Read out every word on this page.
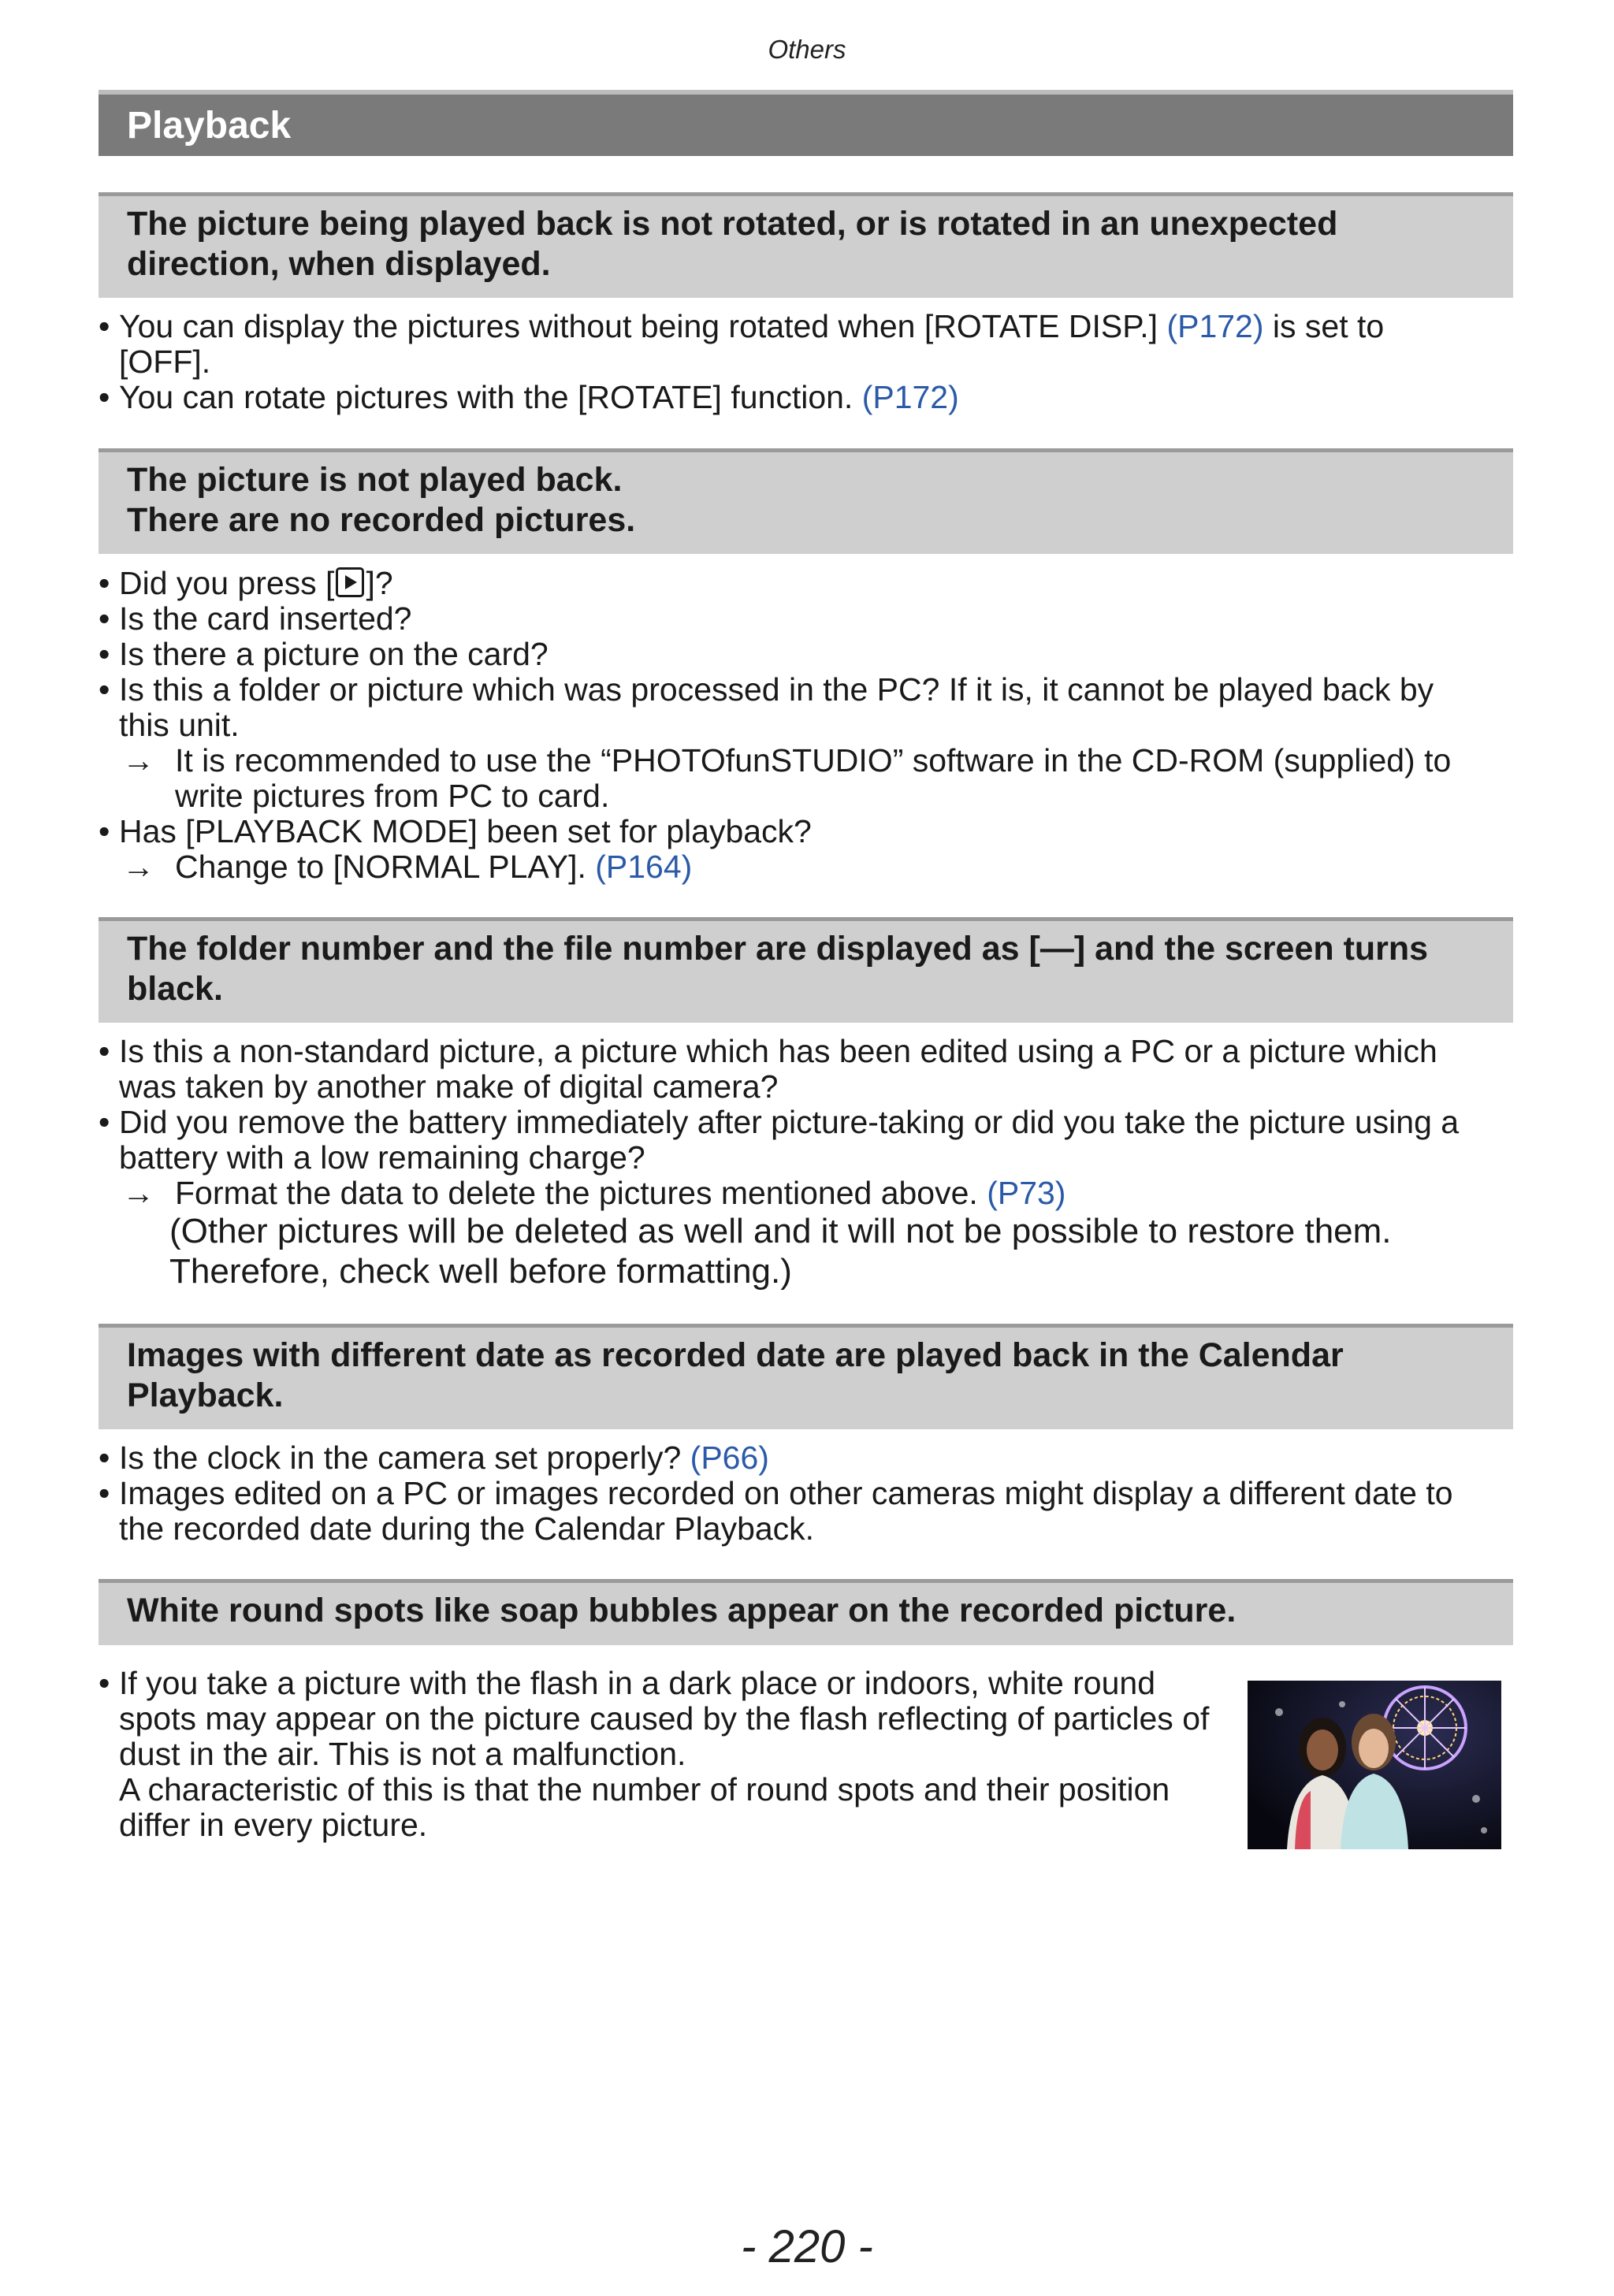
Others
Playback
The picture being played back is not rotated, or is rotated in an unexpected
direction, when displayed.
• You can display the pictures without being rotated when [ROTATE DISP.] (P172) is set to
[OFF].
• You can rotate pictures with the [ROTATE] function. (P172)
The picture is not played back.
There are no recorded pictures.
• Did you press [ ]?
• Is the card inserted?
• Is there a picture on the card?
• Is this a folder or picture which was processed in the PC? If it is, it cannot be played back by
this unit.
→ It is recommended to use the “PHOTOfunSTUDIO” software in the CD-ROM (supplied) to
write pictures from PC to card.
• Has [PLAYBACK MODE] been set for playback?
→ Change to [NORMAL PLAY]. (P164)
The folder number and the file number are displayed as [—] and the screen turns
black.
• Is this a non-standard picture, a picture which has been edited using a PC or a picture which
was taken by another make of digital camera?
• Did you remove the battery immediately after picture-taking or did you take the picture using a
battery with a low remaining charge?
→ Format the data to delete the pictures mentioned above. (P73)
(Other pictures will be deleted as well and it will not be possible to restore them.
Therefore, check well before formatting.)
Images with different date as recorded date are played back in the Calendar
Playback.
• Is the clock in the camera set properly? (P66)
• Images edited on a PC or images recorded on other cameras might display a different date to
the recorded date during the Calendar Playback.
White round spots like soap bubbles appear on the recorded picture.
• If you take a picture with the flash in a dark place or indoors, white round
spots may appear on the picture caused by the flash reflecting of particles of
dust in the air. This is not a malfunction.
A characteristic of this is that the number of round spots and their position
differ in every picture.
- 220 -
